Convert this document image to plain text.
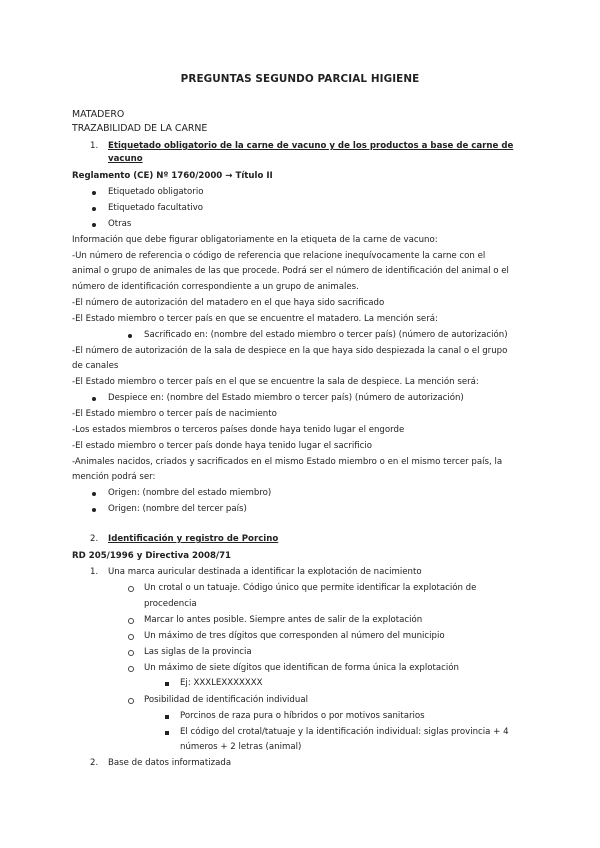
PREGUNTAS SEGUNDO PARCIAL HIGIENE
MATADERO
TRAZABILIDAD DE LA CARNE
1. Etiquetado obligatorio de la carne de vacuno y de los productos a base de carne de
vacuno
Reglamento (CE) Nº 1760/2000 → Título II
Etiquetado obligatorio
Etiquetado facultativo
Otras
Información que debe figurar obligatoriamente en la etiqueta de la carne de vacuno:
-Un número de referencia o código de referencia que relacione inequívocamente la carne con el
animal o grupo de animales de las que procede. Podrá ser el número de identificación del animal o el
número de identificación correspondiente a un grupo de animales.
-El número de autorización del matadero en el que haya sido sacrificado
-El Estado miembro o tercer país en que se encuentre el matadero. La mención será:
Sacrificado en: (nombre del estado miembro o tercer país) (número de autorización)
-El número de autorización de la sala de despiece en la que haya sido despiezada la canal o el grupo
de canales
-El Estado miembro o tercer país en el que se encuentre la sala de despiece. La mención será:
Despiece en: (nombre del Estado miembro o tercer país) (número de autorización)
-El Estado miembro o tercer país de nacimiento
-Los estados miembros o terceros países donde haya tenido lugar el engorde
-El estado miembro o tercer país donde haya tenido lugar el sacrificio
-Animales nacidos, criados y sacrificados en el mismo Estado miembro o en el mismo tercer país, la
mención podrá ser:
Origen: (nombre del estado miembro)
Origen: (nombre del tercer país)
2. Identificación y registro de Porcino
RD 205/1996 y Directiva 2008/71
1. Una marca auricular destinada a identificar la explotación de nacimiento
Un crotal o un tatuaje. Código único que permite identificar la explotación de
procedencia
Marcar lo antes posible. Siempre antes de salir de la explotación
Un máximo de tres dígitos que corresponden al número del municipio
Las siglas de la provincia
Un máximo de siete dígitos que identifican de forma única la explotación
Ej: XXXLEXXXXXXX
Posibilidad de identificación individual
Porcinos de raza pura o híbridos o por motivos sanitarios
El código del crotal/tatuaje y la identificación individual: siglas provincia + 4
números + 2 letras (animal)
2. Base de datos informatizada
